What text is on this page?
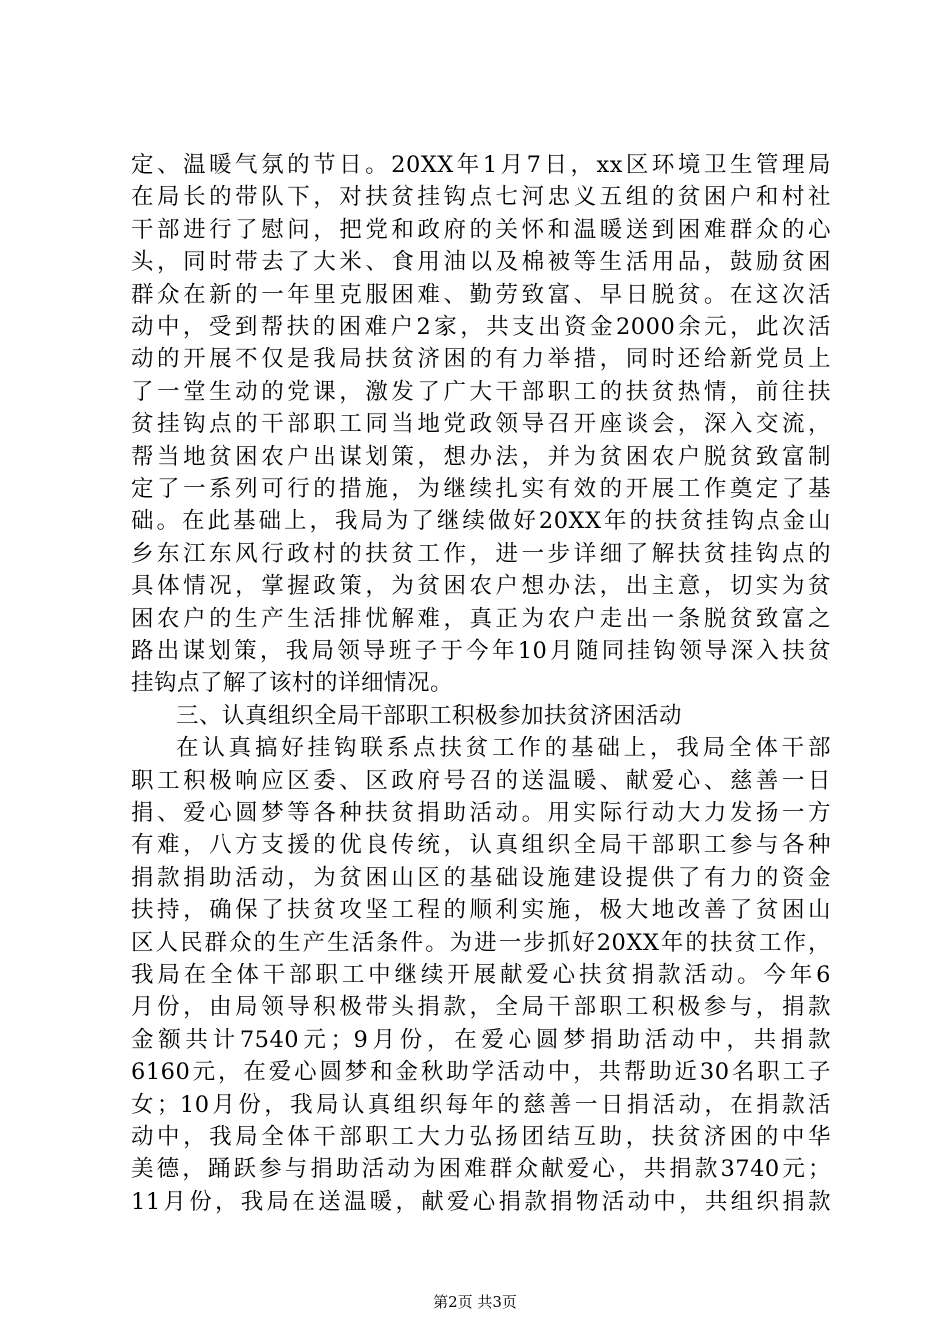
定、温暖气氛的节日。20XX年1月7日，xx区环境卫生管理局
在局长的带队下，对扶贫挂钩点七河忠义五组的贫困户和村社
干部进行了慰问，把党和政府的关怀和温暖送到困难群众的心
头，同时带去了大米、食用油以及棉被等生活用品，鼓励贫困
群众在新的一年里克服困难、勤劳致富、早日脱贫。在这次活
动中，受到帮扶的困难户2家，共支出资金2000余元，此次活
动的开展不仅是我局扶贫济困的有力举措，同时还给新党员上
了一堂生动的党课，激发了广大干部职工的扶贫热情，前往扶
贫挂钩点的干部职工同当地党政领导召开座谈会，深入交流，
帮当地贫困农户出谋划策，想办法，并为贫困农户脱贫致富制
定了一系列可行的措施，为继续扎实有效的开展工作奠定了基
础。在此基础上，我局为了继续做好20XX年的扶贫挂钩点金山
乡东江东风行政村的扶贫工作，进一步详细了解扶贫挂钩点的
具体情况，掌握政策，为贫困农户想办法，出主意，切实为贫
困农户的生产生活排忧解难，真正为农户走出一条脱贫致富之
路出谋划策，我局领导班子于今年10月随同挂钩领导深入扶贫
挂钩点了解了该村的详细情况。
三、认真组织全局干部职工积极参加扶贫济困活动
在认真搞好挂钩联系点扶贫工作的基础上，我局全体干部
职工积极响应区委、区政府号召的送温暖、献爱心、慈善一日
捐、爱心圆梦等各种扶贫捐助活动。用实际行动大力发扬一方
有难，八方支援的优良传统，认真组织全局干部职工参与各种
捐款捐助活动，为贫困山区的基础设施建设提供了有力的资金
扶持，确保了扶贫攻坚工程的顺利实施，极大地改善了贫困山
区人民群众的生产生活条件。为进一步抓好20XX年的扶贫工作，
我局在全体干部职工中继续开展献爱心扶贫捐款活动。今年6
月份，由局领导积极带头捐款，全局干部职工积极参与，捐款
金额共计7540元；9月份，在爱心圆梦捐助活动中，共捐款
6160元，在爱心圆梦和金秋助学活动中，共帮助近30名职工子
女；10月份，我局认真组织每年的慈善一日捐活动，在捐款活
动中，我局全体干部职工大力弘扬团结互助，扶贫济困的中华
美德，踊跃参与捐助活动为困难群众献爱心，共捐款3740元；
11月份，我局在送温暖，献爱心捐款捐物活动中，共组织捐款
第2页 共3页
